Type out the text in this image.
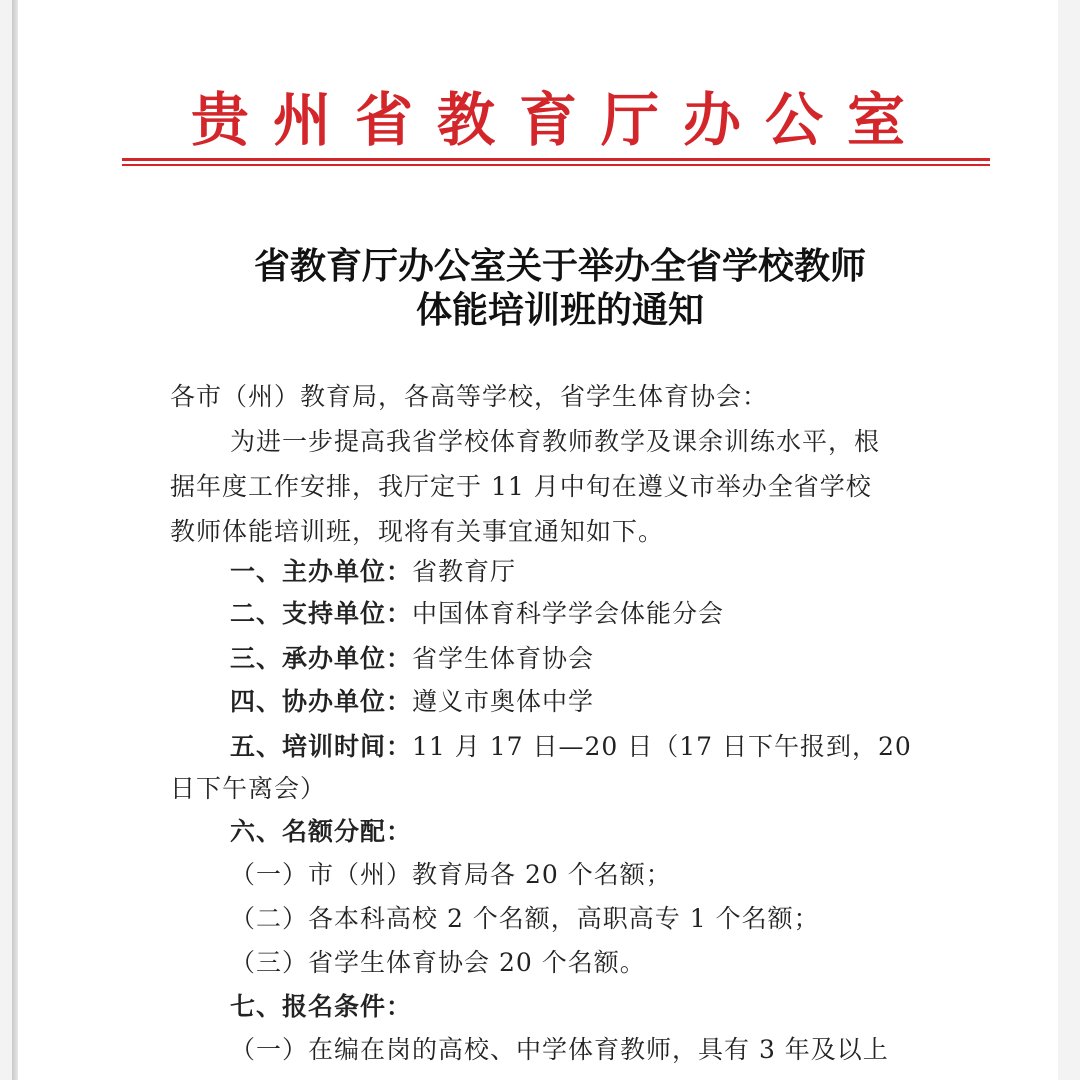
贵州省教育厅办公室
省教育厅办公室关于举办全省学校教师
体能培训班的通知
各市（州）教育局，各高等学校，省学生体育协会：
为进一步提高我省学校体育教师教学及课余训练水平，根
据年度工作安排，我厅定于 11 月中旬在遵义市举办全省学校
教师体能培训班，现将有关事宜通知如下。
一、主办单位：省教育厅
二、支持单位：中国体育科学学会体能分会
三、承办单位：省学生体育协会
四、协办单位：遵义市奥体中学
五、培训时间：11 月 17 日—20 日（17 日下午报到，20
日下午离会）
六、名额分配：
（一）市（州）教育局各 20 个名额；
（二）各本科高校 2 个名额，高职高专 1 个名额；
（三）省学生体育协会 20 个名额。
七、报名条件：
（一）在编在岗的高校、中学体育教师，具有 3 年及以上
